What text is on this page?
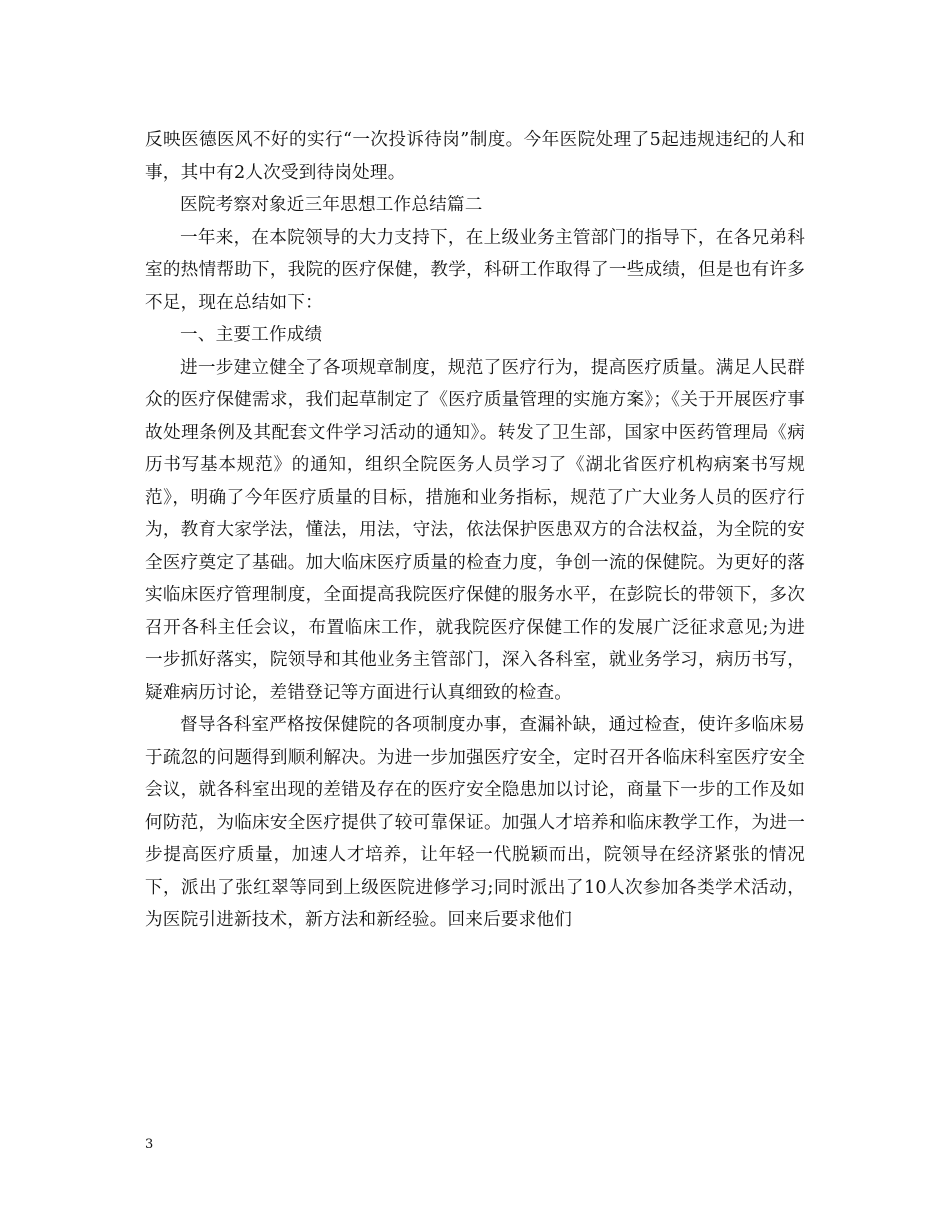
反映医德医风不好的实行“一次投诉待岗”制度。今年医院处理了5起违规违纪的人和事，其中有2人次受到待岗处理。

医院考察对象近三年思想工作总结篇二

一年来，在本院领导的大力支持下，在上级业务主管部门的指导下，在各兄弟科室的热情帮助下，我院的医疗保健，教学，科研工作取得了一些成绩，但是也有许多不足，现在总结如下：

一、主要工作成绩

进一步建立健全了各项规章制度，规范了医疗行为，提高医疗质量。满足人民群众的医疗保健需求，我们起草制定了《医疗质量管理的实施方案》；《关于开展医疗事故处理条例及其配套文件学习活动的通知》。转发了卫生部，国家中医药管理局《病历书写基本规范》的通知，组织全院医务人员学习了《湖北省医疗机构病案书写规范》，明确了今年医疗质量的目标，措施和业务指标，规范了广大业务人员的医疗行为，教育大家学法，懂法，用法，守法，依法保护医患双方的合法权益，为全院的安全医疗奠定了基础。加大临床医疗质量的检查力度，争创一流的保健院。为更好的落实临床医疗管理制度，全面提高我院医疗保健的服务水平，在彭院长的带领下，多次召开各科主任会议，布置临床工作，就我院医疗保健工作的发展广泛征求意见;为进一步抓好落实，院领导和其他业务主管部门，深入各科室，就业务学习，病历书写，疑难病历讨论，差错登记等方面进行认真细致的检查。

督导各科室严格按保健院的各项制度办事，查漏补缺，通过检查，使许多临床易于疏忽的问题得到顺利解决。为进一步加强医疗安全，定时召开各临床科室医疗安全会议，就各科室出现的差错及存在的医疗安全隐患加以讨论，商量下一步的工作及如何防范，为临床安全医疗提供了较可靠保证。加强人才培养和临床教学工作，为进一步提高医疗质量，加速人才培养，让年轻一代脱颖而出，院领导在经济紧张的情况下，派出了张红翠等同到上级医院进修学习;同时派出了10人次参加各类学术活动，为医院引进新技术，新方法和新经验。回来后要求他们

3
